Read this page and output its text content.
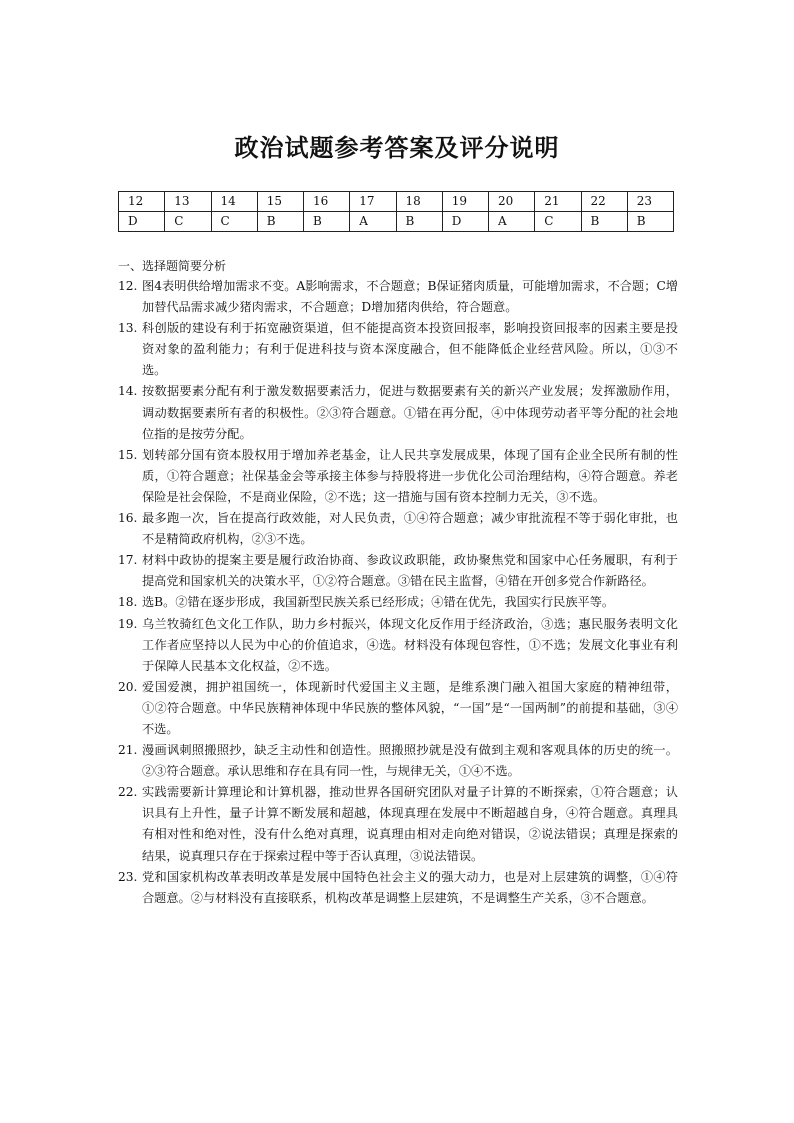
政治试题参考答案及评分说明
12	13	14	15	16	17	18	19	20	21	22	23
D	C	C	B	B	A	B	D	A	C	B	B
一、选择题简要分析
12. 图4表明供给增加需求不变。A影响需求，不合题意；B保证猪肉质量，可能增加需求，不合题；C增加替代品需求减少猪肉需求，不合题意；D增加猪肉供给，符合题意。
13. 科创版的建设有利于拓宽融资渠道，但不能提高资本投资回报率，影响投资回报率的因素主要是投资对象的盈利能力；有利于促进科技与资本深度融合，但不能降低企业经营风险。所以，①③不选。
14. 按数据要素分配有利于激发数据要素活力，促进与数据要素有关的新兴产业发展；发挥激励作用，调动数据要素所有者的积极性。②③符合题意。①错在再分配，④中体现劳动者平等分配的社会地位指的是按劳分配。
15. 划转部分国有资本股权用于增加养老基金，让人民共享发展成果，体现了国有企业全民所有制的性质，①符合题意；社保基金会等承接主体参与持股将进一步优化公司治理结构，④符合题意。养老保险是社会保险，不是商业保险，②不选；这一措施与国有资本控制力无关，③不选。
16. 最多跑一次，旨在提高行政效能，对人民负责，①④符合题意；减少审批流程不等于弱化审批，也不是精简政府机构，②③不选。
17. 材料中政协的提案主要是履行政治协商、参政议政职能，政协聚焦党和国家中心任务履职，有利于提高党和国家机关的决策水平，①②符合题意。③错在民主监督，④错在开创多党合作新路径。
18. 选B。②错在逐步形成，我国新型民族关系已经形成；④错在优先，我国实行民族平等。
19. 乌兰牧骑红色文化工作队，助力乡村振兴，体现文化反作用于经济政治，③选；惠民服务表明文化工作者应坚持以人民为中心的价值追求，④选。材料没有体现包容性，①不选；发展文化事业有利于保障人民基本文化权益，②不选。
20. 爱国爱澳，拥护祖国统一，体现新时代爱国主义主题，是维系澳门融入祖国大家庭的精神纽带，①②符合题意。中华民族精神体现中华民族的整体风貌，“一国”是“一国两制”的前提和基础，③④不选。
21. 漫画讽刺照搬照抄，缺乏主动性和创造性。照搬照抄就是没有做到主观和客观具体的历史的统一。②③符合题意。承认思维和存在具有同一性，与规律无关，①④不选。
22. 实践需要新计算理论和计算机器，推动世界各国研究团队对量子计算的不断探索，①符合题意；认识具有上升性，量子计算不断发展和超越，体现真理在发展中不断超越自身，④符合题意。真理具有相对性和绝对性，没有什么绝对真理，说真理由相对走向绝对错误，②说法错误；真理是探索的结果，说真理只存在于探索过程中等于否认真理，③说法错误。
23. 党和国家机构改革表明改革是发展中国特色社会主义的强大动力，也是对上层建筑的调整，①④符合题意。②与材料没有直接联系，机构改革是调整上层建筑，不是调整生产关系，③不合题意。
